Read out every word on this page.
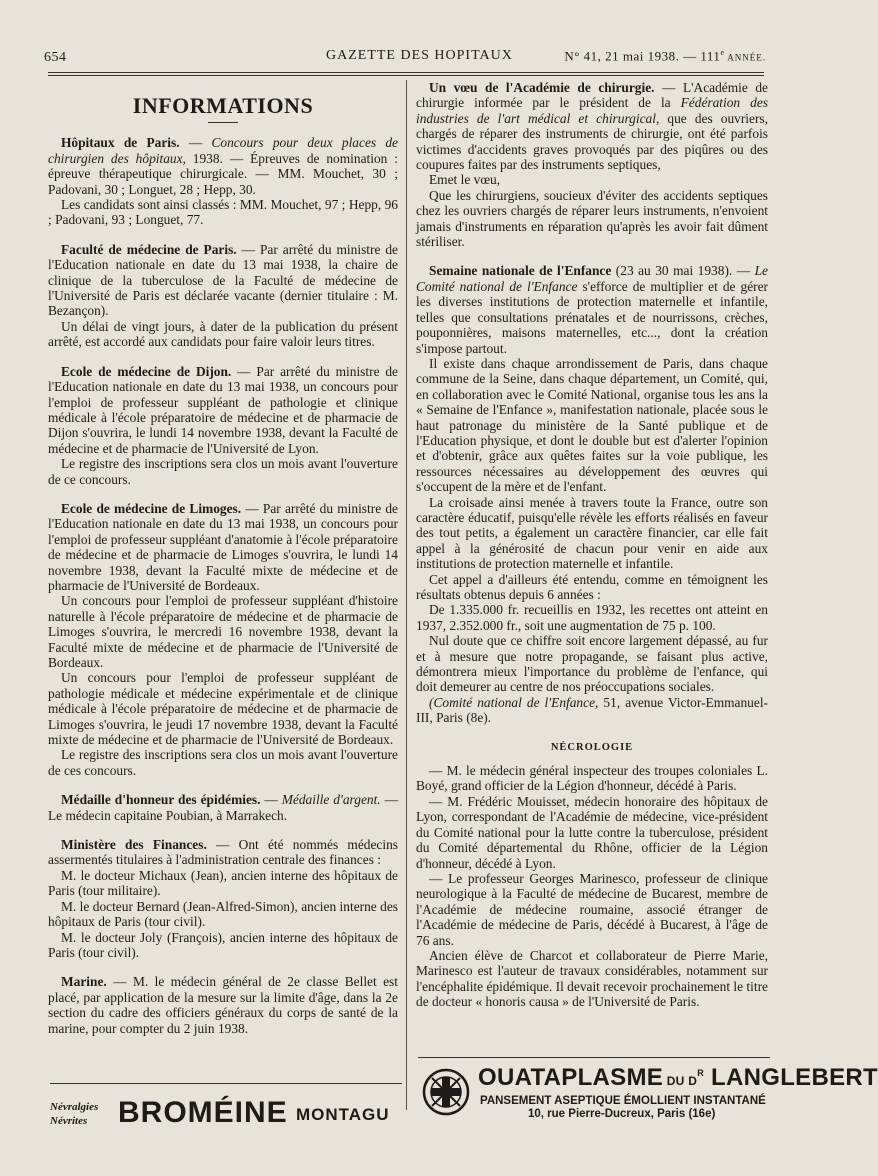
654	GAZETTE DES HOPITAUX	N° 41, 21 mai 1938. — 111e ANNÉE.
INFORMATIONS

Hôpitaux de Paris. — Concours pour deux places de chirurgien des hôpitaux, 1938. — Épreuves de nomination : épreuve thérapeutique chirurgicale. — MM. Mouchet, 30 ; Padovani, 30 ; Longuet, 28 ; Hepp, 30.

Les candidats sont ainsi classés : MM. Mouchet, 97 ; Hepp, 96 ; Padovani, 93 ; Longuet, 77.

Faculté de médecine de Paris. — Par arrêté du ministre de l'Education nationale en date du 13 mai 1938, la chaire de clinique de la tuberculose de la Faculté de médecine de l'Université de Paris est déclarée vacante (dernier titulaire : M. Bezançon).

Un délai de vingt jours, à dater de la publication du présent arrêté, est accordé aux candidats pour faire valoir leurs titres.

Ecole de médecine de Dijon. — Par arrêté du ministre de l'Education nationale en date du 13 mai 1938, un concours pour l'emploi de professeur suppléant de pathologie et clinique médicale à l'école préparatoire de médecine et de pharmacie de Dijon s'ouvrira, le lundi 14 novembre 1938, devant la Faculté de médecine et de pharmacie de l'Université de Lyon.

Le registre des inscriptions sera clos un mois avant l'ouverture de ce concours.

Ecole de médecine de Limoges. — Par arrêté du ministre de l'Education nationale en date du 13 mai 1938, un concours pour l'emploi de professeur suppléant d'anatomie à l'école préparatoire de médecine et de pharmacie de Limoges s'ouvrira, le lundi 14 novembre 1938, devant la Faculté mixte de médecine et de pharmacie de l'Université de Bordeaux.

Un concours pour l'emploi de professeur suppléant d'histoire naturelle à l'école préparatoire de médecine et de pharmacie de Limoges s'ouvrira, le mercredi 16 novembre 1938, devant la Faculté mixte de médecine et de pharmacie de l'Université de Bordeaux.

Un concours pour l'emploi de professeur suppléant de pathologie médicale et médecine expérimentale et de clinique médicale à l'école préparatoire de médecine et de pharmacie de Limoges s'ouvrira, le jeudi 17 novembre 1938, devant la Faculté mixte de médecine et de pharmacie de l'Université de Bordeaux.

Le registre des inscriptions sera clos un mois avant l'ouverture de ces concours.

Médaille d'honneur des épidémies. — Médaille d'argent. — Le médecin capitaine Poubian, à Marrakech.

Ministère des Finances. — Ont été nommés médecins assermentés titulaires à l'administration centrale des finances :

M. le docteur Michaux (Jean), ancien interne des hôpitaux de Paris (tour militaire).

M. le docteur Bernard (Jean-Alfred-Simon), ancien interne des hôpitaux de Paris (tour civil).

M. le docteur Joly (François), ancien interne des hôpitaux de Paris (tour civil).

Marine. — M. le médecin général de 2e classe Bellet est placé, par application de la mesure sur la limite d'âge, dans la 2e section du cadre des officiers généraux du corps de santé de la marine, pour compter du 2 juin 1938.

Un vœu de l'Académie de chirurgie. — L'Académie de chirurgie informée par le président de la Fédération des industries de l'art médical et chirurgical, que des ouvriers, chargés de réparer des instruments de chirurgie, ont été parfois victimes d'accidents graves provoqués par des piqûres ou des coupures faites par des instruments septiques,

Emet le vœu,

Que les chirurgiens, soucieux d'éviter des accidents septiques chez les ouvriers chargés de réparer leurs instruments, n'envoient jamais d'instruments en réparation qu'après les avoir fait dûment stériliser.

Semaine nationale de l'Enfance (23 au 30 mai 1938). — Le Comité national de l'Enfance s'efforce de multiplier et de gérer les diverses institutions de protection maternelle et infantile, telles que consultations prénatales et de nourrissons, crèches, pouponnières, maisons maternelles, etc..., dont la création s'impose partout.

Il existe dans chaque arrondissement de Paris, dans chaque commune de la Seine, dans chaque département, un Comité, qui, en collaboration avec le Comité National, organise tous les ans la « Semaine de l'Enfance », manifestation nationale, placée sous le haut patronage du ministère de la Santé publique et de l'Education physique, et dont le double but est d'alerter l'opinion et d'obtenir, grâce aux quêtes faites sur la voie publique, les ressources nécessaires au développement des œuvres qui s'occupent de la mère et de l'enfant.

La croisade ainsi menée à travers toute la France, outre son caractère éducatif, puisqu'elle révèle les efforts réalisés en faveur des tout petits, a également un caractère financier, car elle fait appel à la générosité de chacun pour venir en aide aux institutions de protection maternelle et infantile.

Cet appel a d'ailleurs été entendu, comme en témoignent les résultats obtenus depuis 6 années :

De 1.335.000 fr. recueillis en 1932, les recettes ont atteint en 1937, 2.352.000 fr., soit une augmentation de 75 p. 100.

Nul doute que ce chiffre soit encore largement dépassé, au fur et à mesure que notre propagande, se faisant plus active, démontrera mieux l'importance du problème de l'enfance, qui doit demeurer au centre de nos préoccupations sociales.

(Comité national de l'Enfance, 51, avenue Victor-Emmanuel-III, Paris (8e).

NÉCROLOGIE

— M. le médecin général inspecteur des troupes coloniales L. Boyé, grand officier de la Légion d'honneur, décédé à Paris.

— M. Frédéric Mouisset, médecin honoraire des hôpitaux de Lyon, correspondant de l'Académie de médecine, vice-président du Comité national pour la lutte contre la tuberculose, président du Comité départemental du Rhône, officier de la Légion d'honneur, décédé à Lyon.

— Le professeur Georges Marinesco, professeur de clinique neurologique à la Faculté de médecine de Bucarest, membre de l'Académie de médecine roumaine, associé étranger de l'Académie de médecine de Paris, décédé à Bucarest, à l'âge de 76 ans.

Ancien élève de Charcot et collaborateur de Pierre Marie, Marinesco est l'auteur de travaux considérables, notamment sur l'encéphalite épidémique. Il devait recevoir prochainement le titre de docteur « honoris causa » de l'Université de Paris.

Névralgies
Névrites	BROMÉINE MONTAGU
OUATAPLASME DU $D^R$ LANGLEBERT
PANSEMENT ASEPTIQUE ÉMOLLIENT INSTANTANÉ
10, rue Pierre-Ducreux, Paris (16e)
